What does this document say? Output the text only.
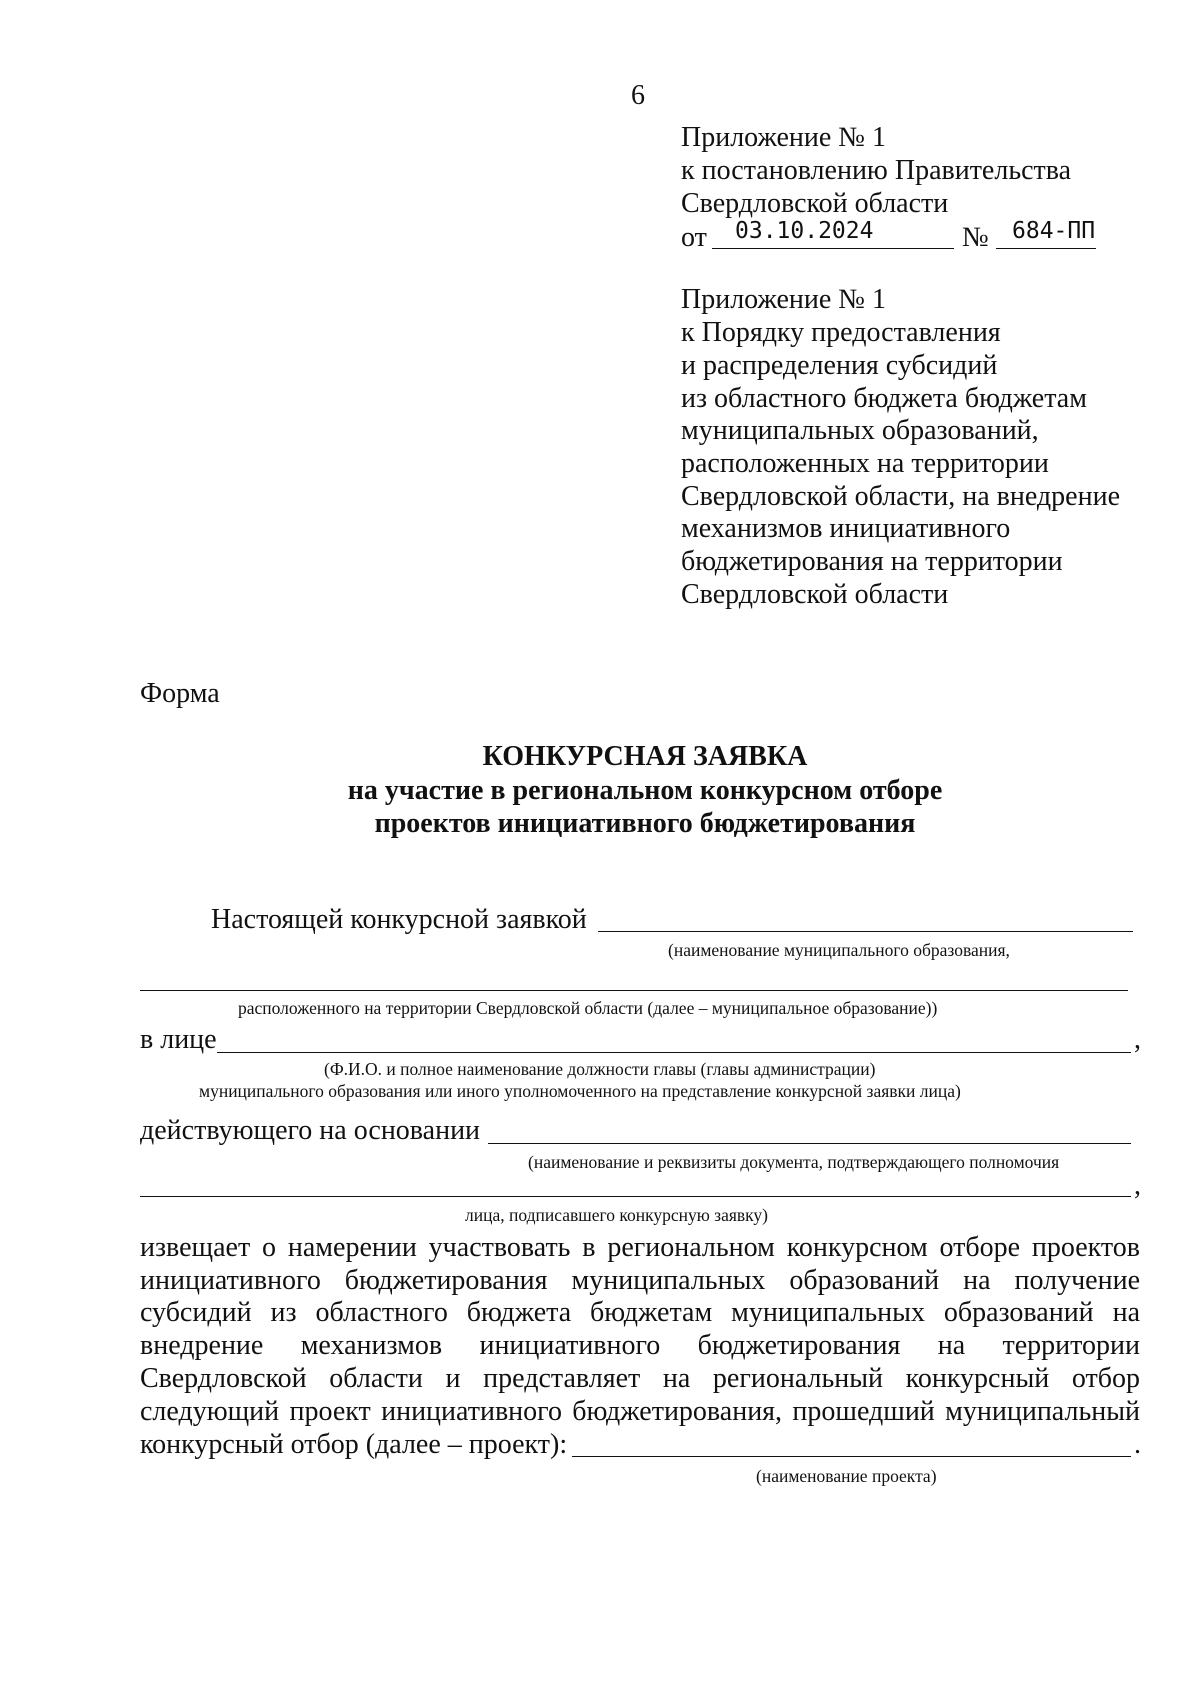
6
Приложение № 1
к постановлению Правительства
Свердловской области
от 03.10.2024	№ 684-ПП
Приложение № 1
к Порядку предоставления
и распределения субсидий
из областного бюджета бюджетам
муниципальных образований,
расположенных на территории
Свердловской области, на внедрение
механизмов инициативного
бюджетирования на территории
Свердловской области
Форма
КОНКУРСНАЯ ЗАЯВКА
на участие в региональном конкурсном отборе
проектов инициативного бюджетирования
Настоящей конкурсной заявкой
(наименование муниципального образования,
расположенного на территории Свердловской области (далее – муниципальное образование))
в лице	,
(Ф.И.О. и полное наименование должности главы (главы администрации)
муниципального образования или иного уполномоченного на представление конкурсной заявки лица)
действующего на основании
(наименование и реквизиты документа, подтверждающего полномочия
,
лица, подписавшего конкурсную заявку)
извещает о намерении участвовать в региональном конкурсном отборе проектов
инициативного бюджетирования муниципальных образований на получение
субсидий из областного бюджета бюджетам муниципальных образований на
внедрение механизмов инициативного бюджетирования на территории
Свердловской области и представляет на региональный конкурсный отбор
следующий проект инициативного бюджетирования, прошедший муниципальный
конкурсный отбор (далее – проект):	.
(наименование проекта)
